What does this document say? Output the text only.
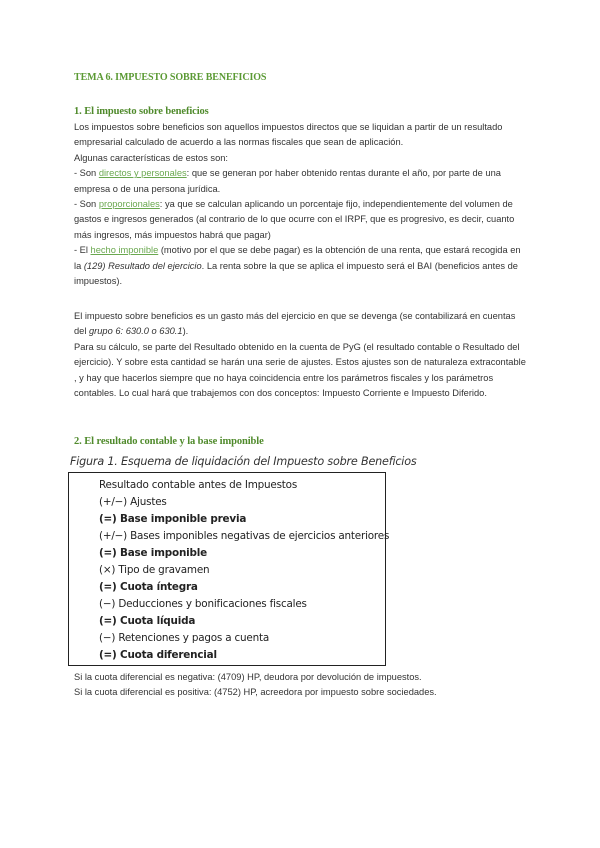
TEMA 6. IMPUESTO SOBRE BENEFICIOS
1. El impuesto sobre beneficios

Los impuestos sobre beneficios son aquellos impuestos directos que se liquidan a partir de un resultado empresarial calculado de acuerdo a las normas fiscales que sean de aplicación.

Algunas características de estos son:

- Son directos y personales: que se generan por haber obtenido rentas durante el año, por parte de una empresa o de una persona jurídica.

- Son proporcionales: ya que se calculan aplicando un porcentaje fijo, independientemente del volumen de gastos e ingresos generados (al contrario de lo que ocurre con el IRPF, que es progresivo, es decir, cuanto más ingresos, más impuestos habrá que pagar)

- El hecho imponible (motivo por el que se debe pagar) es la obtención de una renta, que estará recogida en la (129) Resultado del ejercicio. La renta sobre la que se aplica el impuesto será el BAI (beneficios antes de impuestos).

El impuesto sobre beneficios es un gasto más del ejercicio en que se devenga (se contabilizará en cuentas del grupo 6: 630.0 o 630.1).

Para su cálculo, se parte del Resultado obtenido en la cuenta de PyG (el resultado contable o Resultado del ejercicio). Y sobre esta cantidad se harán una serie de ajustes. Estos ajustes son de naturaleza extracontable , y hay que hacerlos siempre que no haya coincidencia entre los parámetros fiscales y los parámetros contables. Lo cual hará que trabajemos con dos conceptos: Impuesto Corriente e Impuesto Diferido.

2. El resultado contable y la base imponible
Figura 1. Esquema de liquidación del Impuesto sobre Beneficios
Resultado contable antes de Impuestos
(+/−) Ajustes
(=) Base imponible previa
(+/−) Bases imponibles negativas de ejercicios anteriores
(=) Base imponible
(×) Tipo de gravamen
(=) Cuota íntegra
(−) Deducciones y bonificaciones fiscales
(=) Cuota líquida
(−) Retenciones y pagos a cuenta
(=) Cuota diferencial

Si la cuota diferencial es negativa: (4709) HP, deudora por devolución de impuestos.

Si la cuota diferencial es positiva: (4752) HP, acreedora por impuesto sobre sociedades.
